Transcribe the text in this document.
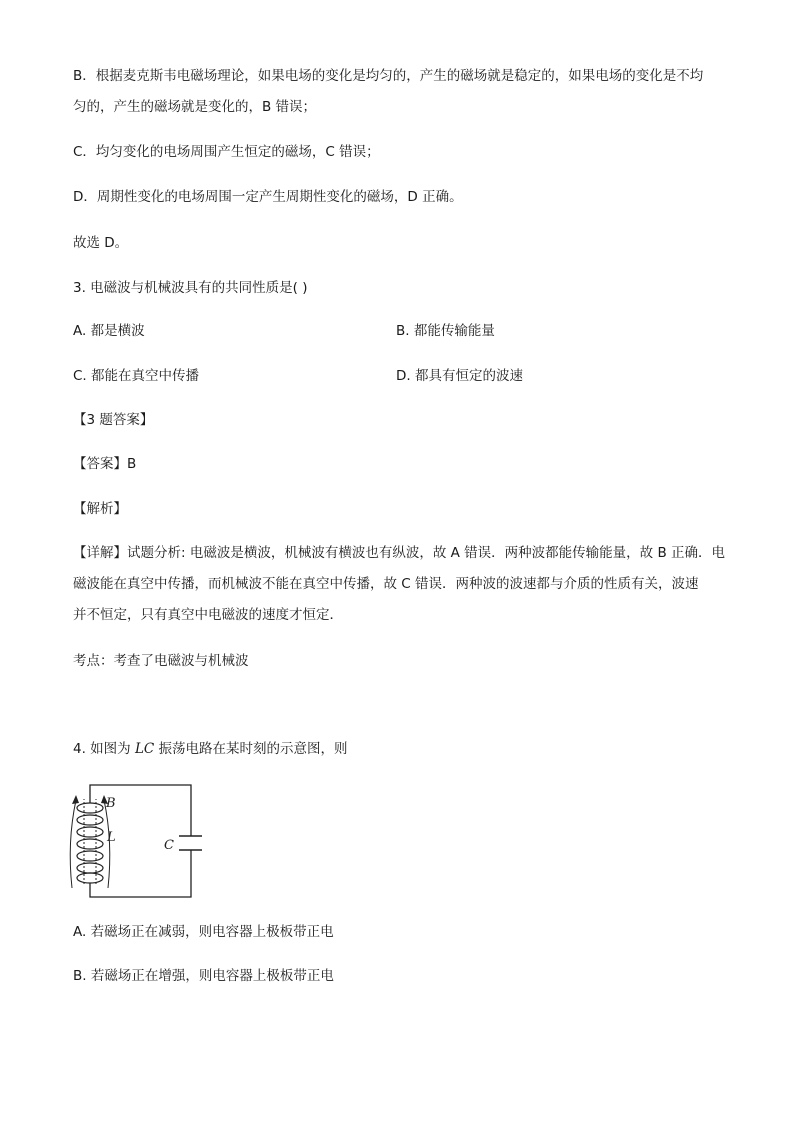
B．根据麦克斯韦电磁场理论，如果电场的变化是均匀的，产生的磁场就是稳定的，如果电场的变化是不均
匀的，产生的磁场就是变化的，B 错误；
C．均匀变化的电场周围产生恒定的磁场，C 错误；
D．周期性变化的电场周围一定产生周期性变化的磁场，D 正确。
故选 D。
3. 电磁波与机械波具有的共同性质是( )
A. 都是横波	B. 都能传输能量
C. 都能在真空中传播	D. 都具有恒定的波速
【3 题答案】
【答案】B
【解析】
【详解】试题分析: 电磁波是横波，机械波有横波也有纵波，故 A 错误．两种波都能传输能量，故 B 正确．电
磁波能在真空中传播，而机械波不能在真空中传播，故 C 错误．两种波的波速都与介质的性质有关，波速
并不恒定，只有真空中电磁波的速度才恒定．
考点：考查了电磁波与机械波
4. 如图为 LC 振荡电路在某时刻的示意图，则
B
L
C
A. 若磁场正在减弱，则电容器上极板带正电
B. 若磁场正在增强，则电容器上极板带正电
